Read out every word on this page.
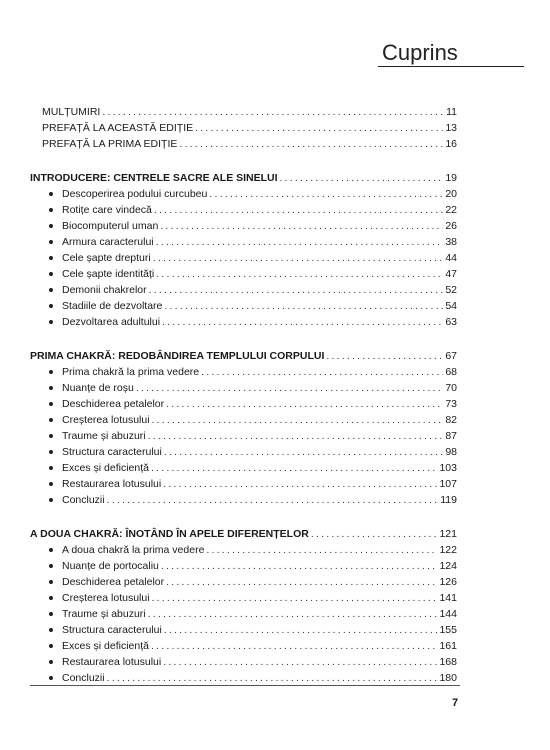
Cuprins
MULȚUMIRI .....	11
PREFAȚĂ LA ACEASTĂ EDIȚIE .....	13
PREFAȚĂ LA PRIMA EDIȚIE .....	16
INTRODUCERE: CENTRELE SACRE ALE SINELUI .....	19
Descoperirea podului curcubeu .....	20
Rotițe care vindecă .....	22
Biocomputerul uman .....	26
Armura caracterului .....	38
Cele șapte drepturi .....	44
Cele șapte identități .....	47
Demonii chakrelor .....	52
Stadiile de dezvoltare .....	54
Dezvoltarea adultului .....	63
PRIMA CHAKRĂ: REDOBÂNDIREA TEMPLULUI CORPULUI .....	67
Prima chakră la prima vedere .....	68
Nuanțe de roșu .....	70
Deschiderea petalelor .....	73
Creșterea lotusului .....	82
Traume și abuzuri .....	87
Structura caracterului .....	98
Exces și deficiență .....	103
Restaurarea lotusului .....	107
Concluzii .....	119
A DOUA CHAKRĂ: ÎNOTÂND ÎN APELE DIFERENȚELOR .....	121
A doua chakră la prima vedere .....	122
Nuanțe de portocaliu .....	124
Deschiderea petalelor .....	126
Creșterea lotusului .....	141
Traume și abuzuri .....	144
Structura caracterului .....	155
Exces și deficiență .....	161
Restaurarea lotusului .....	168
Concluzii .....	180
7
